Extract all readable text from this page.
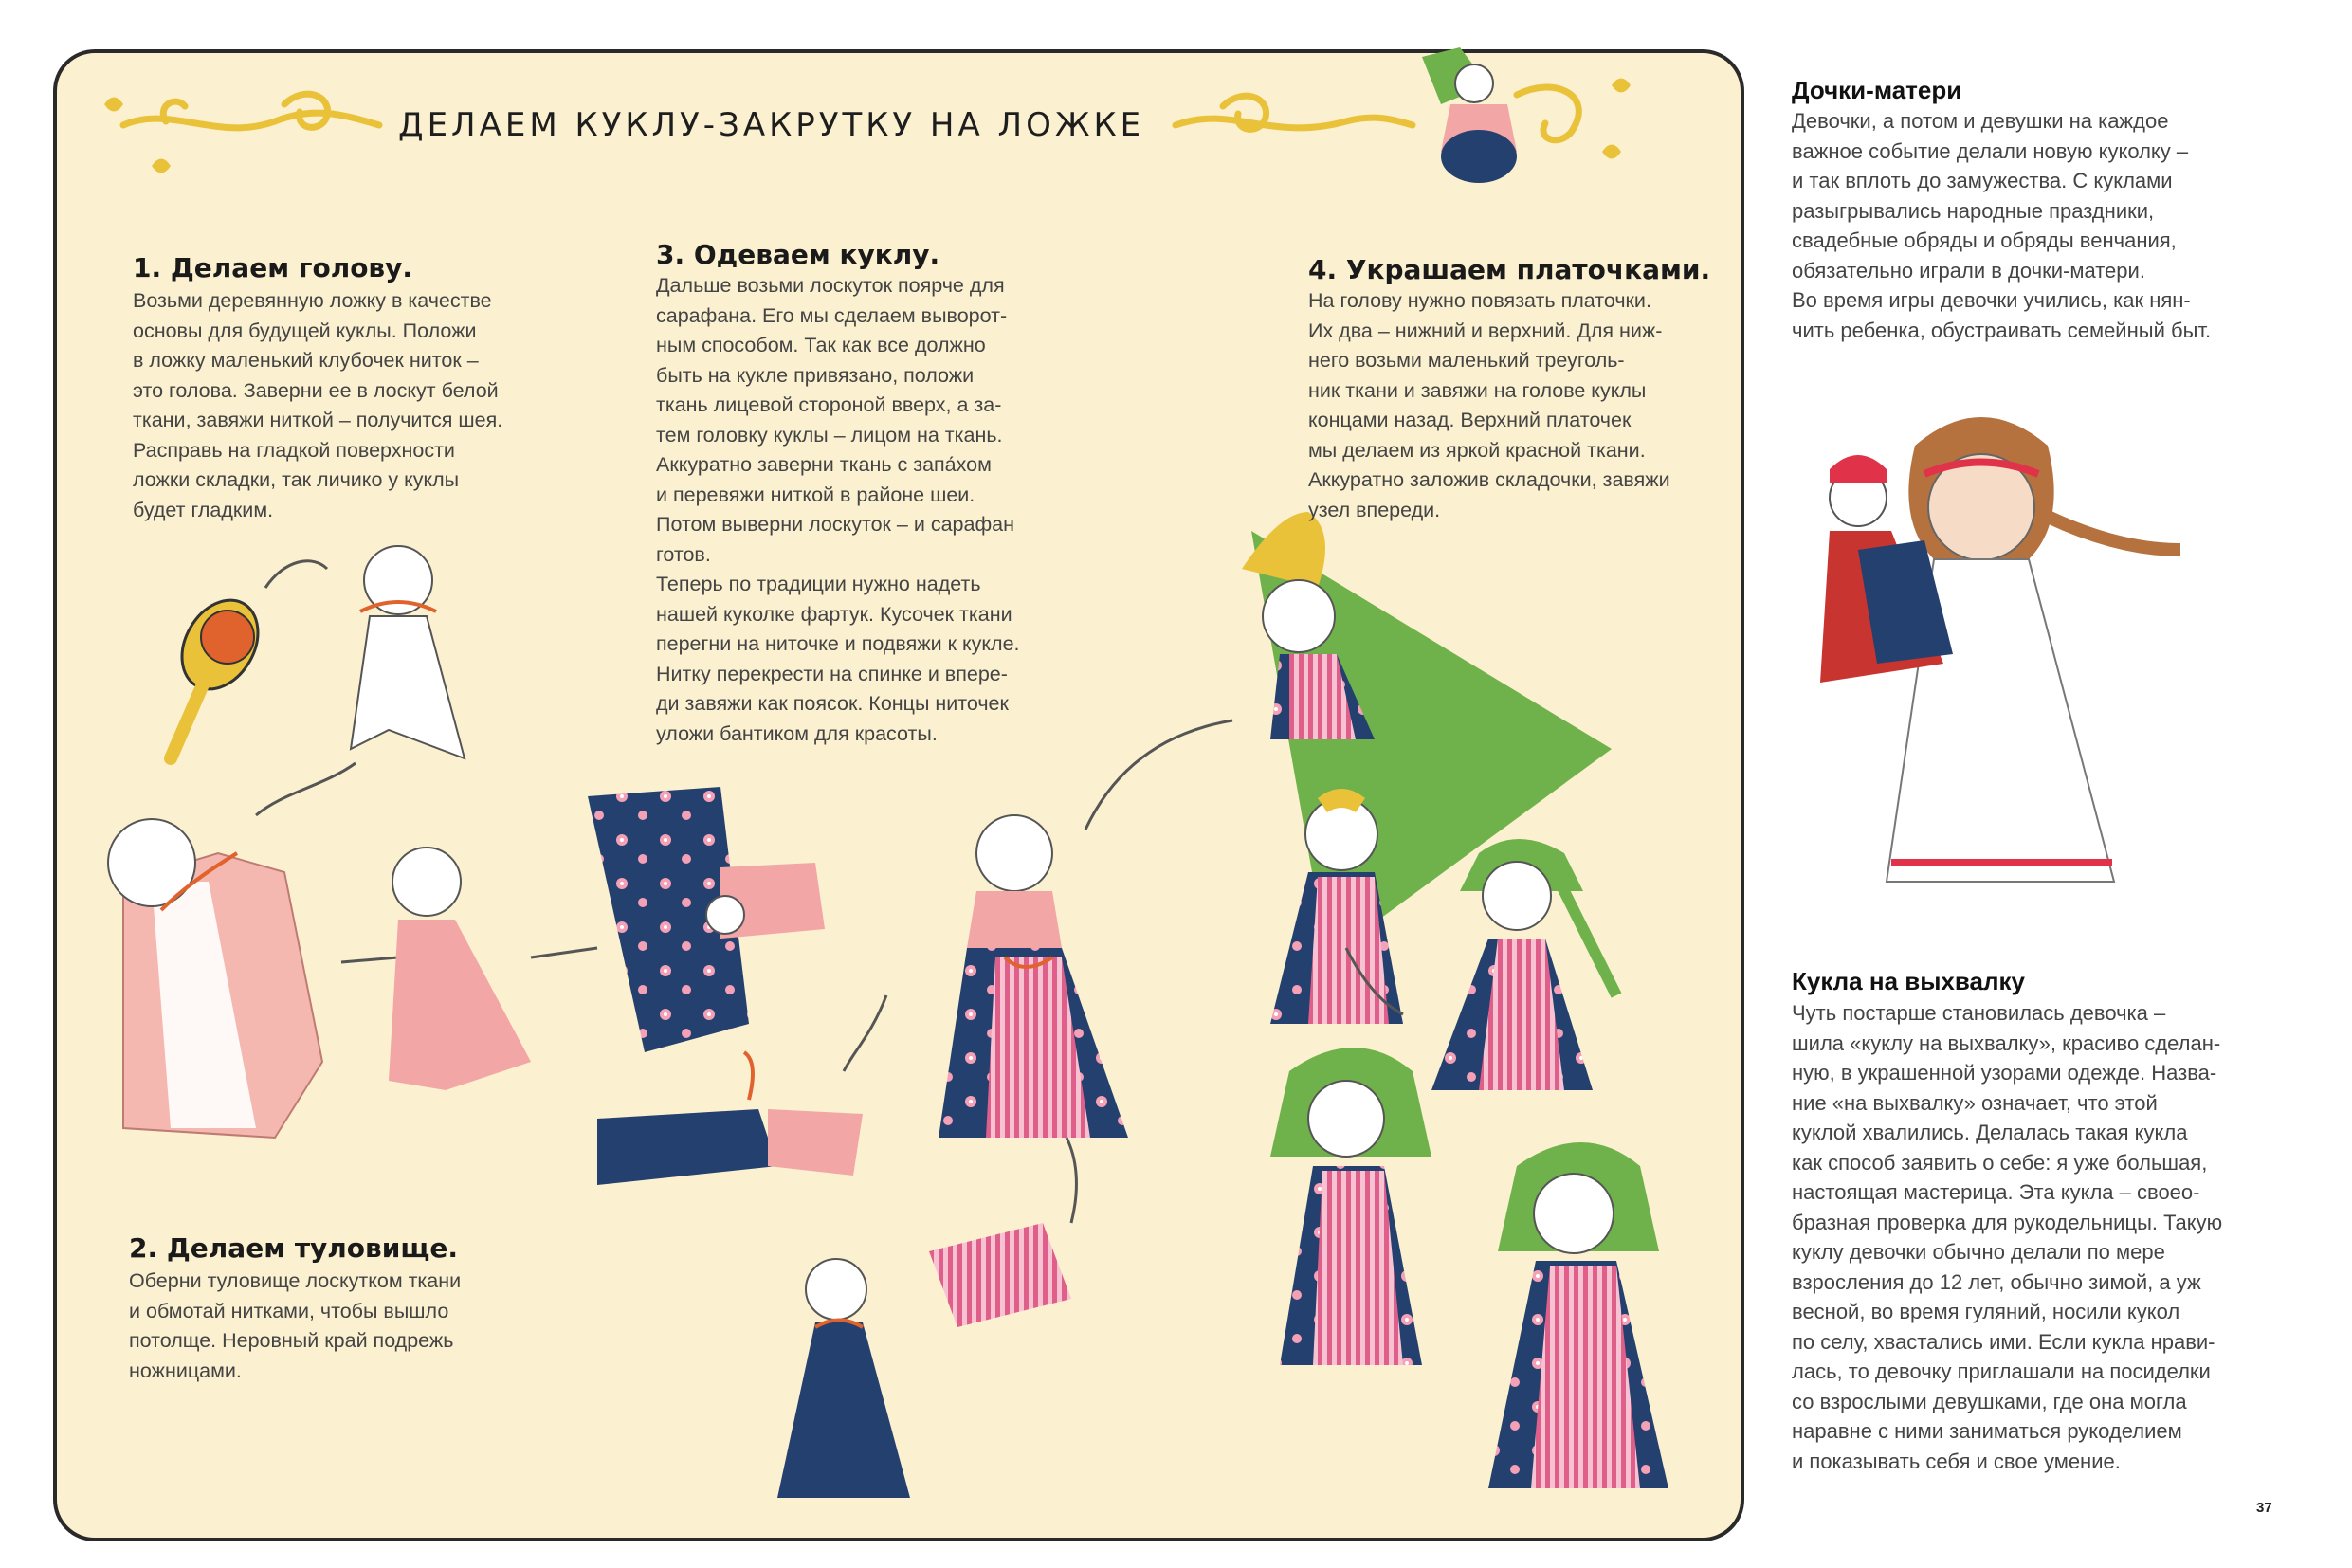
ДЕЛАЕМ КУКЛУ-ЗАКРУТКУ НА ЛОЖКЕ

1. Делаем голову.

Возьми деревянную ложку в качестве
основы для будущей куклы. Положи
в ложку маленький клубочек ниток –
это голова. Заверни ее в лоскут белой
ткани, завяжи ниткой – получится шея.
Расправь на гладкой поверхности
ложки складки, так личико у куклы
будет гладким.

2. Делаем туловище.

Оберни туловище лоскутком ткани
и обмотай нитками, чтобы вышло
потолще. Неровный край подрежь
ножницами.

3. Одеваем куклу.

Дальше возьми лоскуток поярче для
сарафана. Его мы сделаем выворот-
ным способом. Так как все должно
быть на кукле привязано, положи
ткань лицевой стороной вверх, а за-
тем головку куклы – лицом на ткань.
Аккуратно заверни ткань с запа́хом
и перевяжи ниткой в районе шеи.
Потом выверни лоскуток – и сарафан
готов.
Теперь по традиции нужно надеть
нашей куколке фартук. Кусочек ткани
перегни на ниточке и подвяжи к кукле.
Нитку перекрести на спинке и впере-
ди завяжи как поясок. Концы ниточек
уложи бантиком для красоты.

4. Украшаем платочками.

На голову нужно повязать платочки.
Их два – нижний и верхний. Для ниж-
него возьми маленький треуголь-
ник ткани и завяжи на голове куклы
концами назад. Верхний платочек
мы делаем из яркой красной ткани.
Аккуратно заложив складочки, завяжи
узел впереди.

Дочки-матери

Девочки, а потом и девушки на каждое
важное событие делали новую куколку –
и так вплоть до замужества. С куклами
разыгрывались народные праздники,
свадебные обряды и обряды венчания,
обязательно играли в дочки-матери.
Во время игры девочки учились, как нян-
чить ребенка, обустраивать семейный быт.

Кукла на выхвалку

Чуть постарше становилась девочка –
шила «куклу на выхвалку», красиво сделан-
ную, в украшенной узорами одежде. Назва-
ние «на выхвалку» означает, что этой
куклой хвалились. Делалась такая кукла
как способ заявить о себе: я уже большая,
настоящая мастерица. Эта кукла – своео-
бразная проверка для рукодельницы. Такую
куклу девочки обычно делали по мере
взросления до 12 лет, обычно зимой, а уж
весной, во время гуляний, носили кукол
по селу, хвастались ими. Если кукла нрави-
лась, то девочку приглашали на посиделки
со взрослыми девушками, где она могла
наравне с ними заниматься рукоделием
и показывать себя и свое умение.

37
